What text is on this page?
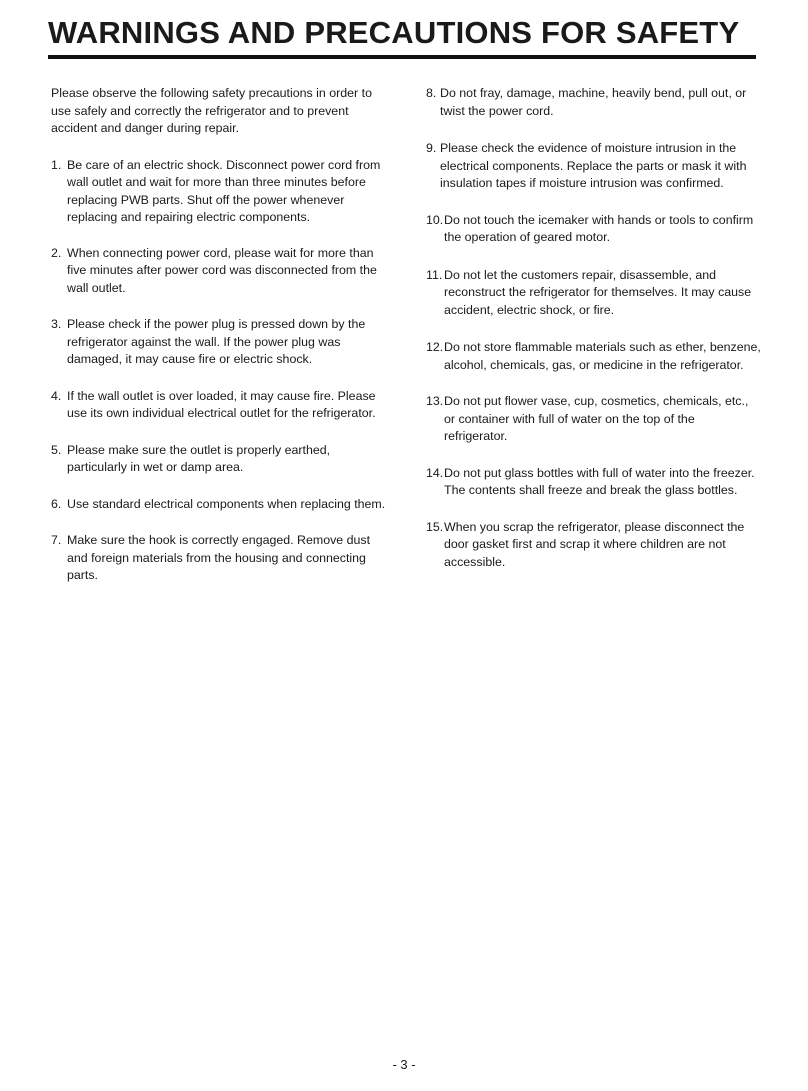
WARNINGS AND PRECAUTIONS FOR SAFETY

Please observe the following safety precautions in order to use safely and correctly the refrigerator and to prevent accident and danger during repair.

1. Be care of an electric shock. Disconnect power cord from wall outlet and wait for more than three minutes before replacing PWB parts. Shut off the power whenever replacing and repairing electric components.
2. When connecting power cord, please wait for more than five minutes after power cord was disconnected from the wall outlet.
3. Please check if the power plug is pressed down by the refrigerator against the wall. If the power plug was damaged, it may cause fire or electric shock.
4. If the wall outlet is over loaded, it may cause fire. Please use its own individual electrical outlet for the refrigerator.
5. Please make sure the outlet is properly earthed, particularly in wet or damp area.
6. Use standard electrical components when replacing them.
7. Make sure the hook is correctly engaged. Remove dust and foreign materials from the housing and connecting parts.
8. Do not fray, damage, machine, heavily bend, pull out, or twist the power cord.
9. Please check the evidence of moisture intrusion in the electrical components. Replace the parts or mask it with insulation tapes if moisture intrusion was confirmed.
10. Do not touch the icemaker with hands or tools to confirm the operation of geared motor.
11. Do not let the customers repair, disassemble, and reconstruct the refrigerator for themselves. It may cause accident, electric shock, or fire.
12. Do not store flammable materials such as ether, benzene, alcohol, chemicals, gas, or medicine in the refrigerator.
13. Do not put flower vase, cup, cosmetics, chemicals, etc., or container with full of water on the top of the refrigerator.
14. Do not put glass bottles with full of water into the freezer. The contents shall freeze and break the glass bottles.
15. When you scrap the refrigerator, please disconnect the door gasket first and scrap it where children are not accessible.
- 3 -
